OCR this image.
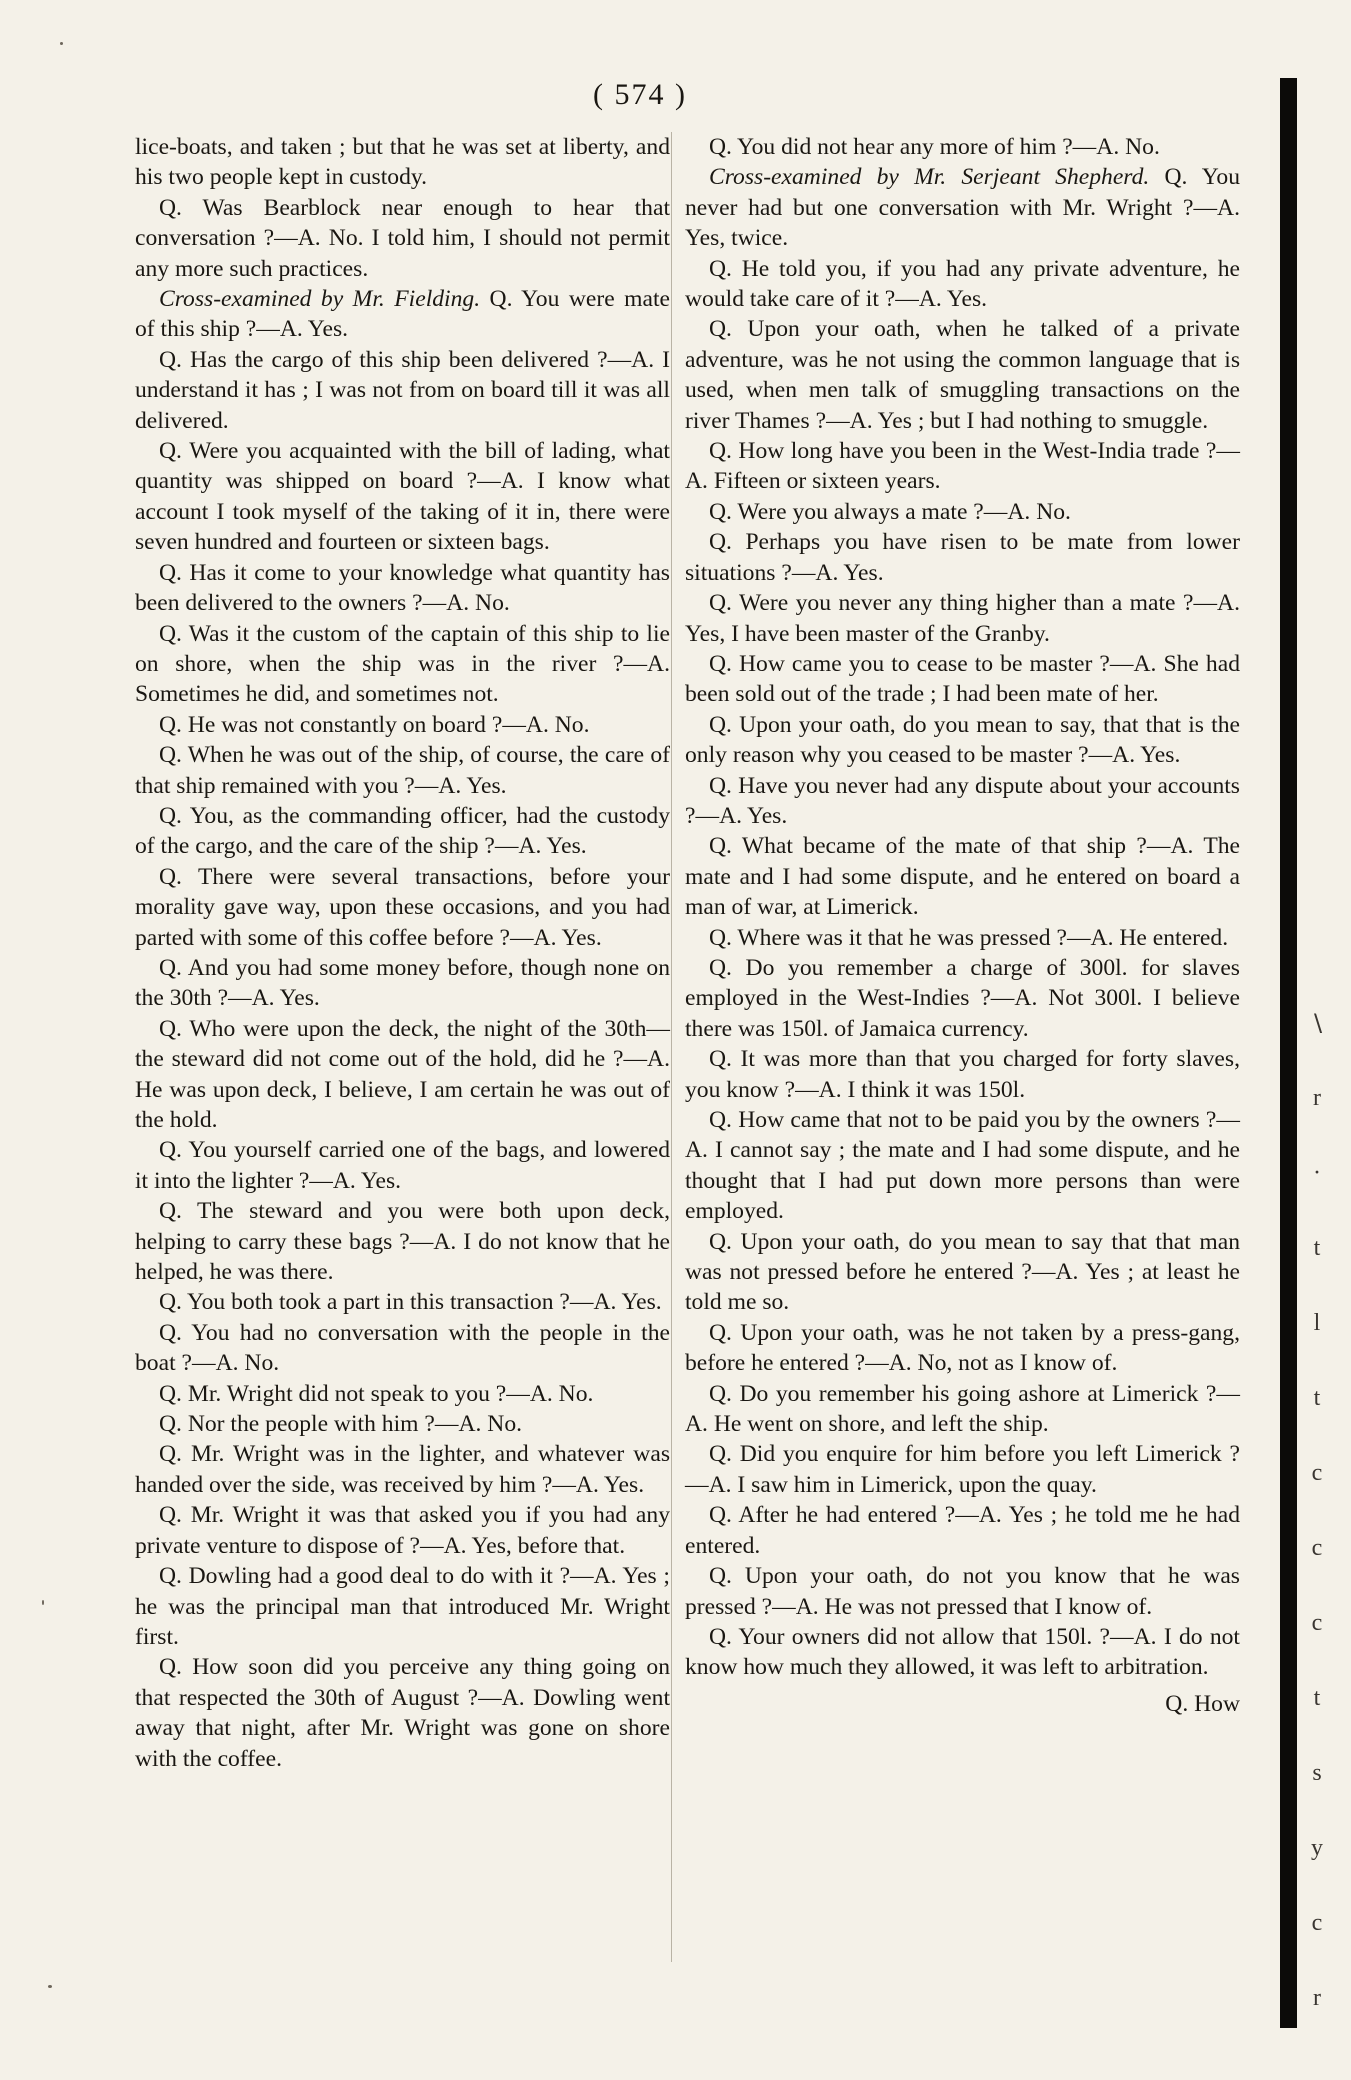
( 574 )

lice-boats, and taken ; but that he was set at liberty, and his two people kept in custody.

Q. Was Bearblock near enough to hear that conversation ?—A. No. I told him, I should not permit any more such practices.

Cross-examined by Mr. Fielding. Q. You were mate of this ship ?—A. Yes.

Q. Has the cargo of this ship been delivered ?—A. I understand it has ; I was not from on board till it was all delivered.

Q. Were you acquainted with the bill of lading, what quantity was shipped on board ?—A. I know what account I took myself of the taking of it in, there were seven hundred and fourteen or sixteen bags.

Q. Has it come to your knowledge what quantity has been delivered to the owners ?—A. No.

Q. Was it the custom of the captain of this ship to lie on shore, when the ship was in the river ?—A. Sometimes he did, and sometimes not.

Q. He was not constantly on board ?—A. No.

Q. When he was out of the ship, of course, the care of that ship remained with you ?—A. Yes.

Q. You, as the commanding officer, had the custody of the cargo, and the care of the ship ?—A. Yes.

Q. There were several transactions, before your morality gave way, upon these occasions, and you had parted with some of this coffee before ?—A. Yes.

Q. And you had some money before, though none on the 30th ?—A. Yes.

Q. Who were upon the deck, the night of the 30th—the steward did not come out of the hold, did he ?—A. He was upon deck, I believe, I am certain he was out of the hold.

Q. You yourself carried one of the bags, and lowered it into the lighter ?—A. Yes.

Q. The steward and you were both upon deck, helping to carry these bags ?—A. I do not know that he helped, he was there.

Q. You both took a part in this transaction ?—A. Yes.

Q. You had no conversation with the people in the boat ?—A. No.

Q. Mr. Wright did not speak to you ?—A. No.

Q. Nor the people with him ?—A. No.

Q. Mr. Wright was in the lighter, and whatever was handed over the side, was received by him ?—A. Yes.

Q. Mr. Wright it was that asked you if you had any private venture to dispose of ?—A. Yes, before that.

Q. Dowling had a good deal to do with it ?—A. Yes ; he was the principal man that introduced Mr. Wright first.

Q. How soon did you perceive any thing going on that respected the 30th of August ?—A. Dowling went away that night, after Mr. Wright was gone on shore with the coffee.

Q. You did not hear any more of him ?—A. No.

Cross-examined by Mr. Serjeant Shepherd. Q. You never had but one conversation with Mr. Wright ?—A. Yes, twice.

Q. He told you, if you had any private adventure, he would take care of it ?—A. Yes.

Q. Upon your oath, when he talked of a private adventure, was he not using the common language that is used, when men talk of smuggling transactions on the river Thames ?—A. Yes ; but I had nothing to smuggle.

Q. How long have you been in the West-India trade ?—A. Fifteen or sixteen years.

Q. Were you always a mate ?—A. No.

Q. Perhaps you have risen to be mate from lower situations ?—A. Yes.

Q. Were you never any thing higher than a mate ?—A. Yes, I have been master of the Granby.

Q. How came you to cease to be master ?—A. She had been sold out of the trade ; I had been mate of her.

Q. Upon your oath, do you mean to say, that that is the only reason why you ceased to be master ?—A. Yes.

Q. Have you never had any dispute about your accounts ?—A. Yes.

Q. What became of the mate of that ship ?—A. The mate and I had some dispute, and he entered on board a man of war, at Limerick.

Q. Where was it that he was pressed ?—A. He entered.

Q. Do you remember a charge of 300l. for slaves employed in the West-Indies ?—A. Not 300l. I believe there was 150l. of Jamaica currency.

Q. It was more than that you charged for forty slaves, you know ?—A. I think it was 150l.

Q. How came that not to be paid you by the owners ?—A. I cannot say ; the mate and I had some dispute, and he thought that I had put down more persons than were employed.

Q. Upon your oath, do you mean to say that that man was not pressed before he entered ?—A. Yes ; at least he told me so.

Q. Upon your oath, was he not taken by a press-gang, before he entered ?—A. No, not as I know of.

Q. Do you remember his going ashore at Limerick ?—A. He went on shore, and left the ship.

Q. Did you enquire for him before you left Limerick ?—A. I saw him in Limerick, upon the quay.

Q. After he had entered ?—A. Yes ; he told me he had entered.

Q. Upon your oath, do not you know that he was pressed ?—A. He was not pressed that I know of.

Q. Your owners did not allow that 150l. ?—A. I do not know how much they allowed, it was left to arbitration.

Q. How

∖
r
·
t
l
t
c
c
c
t
s
y
c
r
